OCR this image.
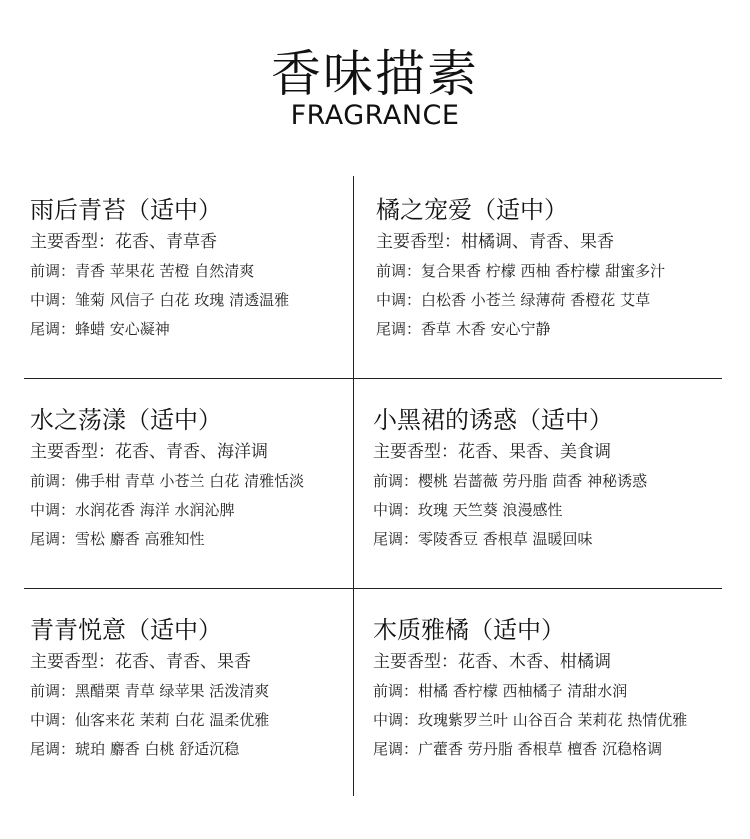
香味描素
FRAGRANCE
雨后青苔（适中）
主要香型：花香、青草香
前调：青香 苹果花 苦橙 自然清爽
中调：雏菊 风信子 白花 玫瑰 清透温雅
尾调：蜂蜡 安心凝神
橘之宠爱（适中）
主要香型：柑橘调、青香、果香
前调：复合果香 柠檬 西柚 香柠檬 甜蜜多汁
中调：白松香 小苍兰 绿薄荷 香橙花 艾草
尾调：香草 木香 安心宁静
水之荡漾（适中）
主要香型：花香、青香、海洋调
前调：佛手柑 青草 小苍兰 白花 清雅恬淡
中调：水润花香 海洋 水润沁脾
尾调：雪松 麝香 高雅知性
小黑裙的诱惑（适中）
主要香型：花香、果香、美食调
前调：樱桃 岩蔷薇 劳丹脂 茴香 神秘诱惑
中调：玫瑰 天竺葵 浪漫感性
尾调：零陵香豆 香根草 温暖回味
青青悦意（适中）
主要香型：花香、青香、果香
前调：黑醋栗 青草 绿苹果 活泼清爽
中调：仙客来花 茉莉 白花 温柔优雅
尾调：琥珀 麝香 白桃 舒适沉稳
木质雅橘（适中）
主要香型：花香、木香、柑橘调
前调：柑橘 香柠檬 西柚橘子 清甜水润
中调：玫瑰紫罗兰叶 山谷百合 茉莉花 热情优雅
尾调：广藿香 劳丹脂 香根草 檀香 沉稳格调
